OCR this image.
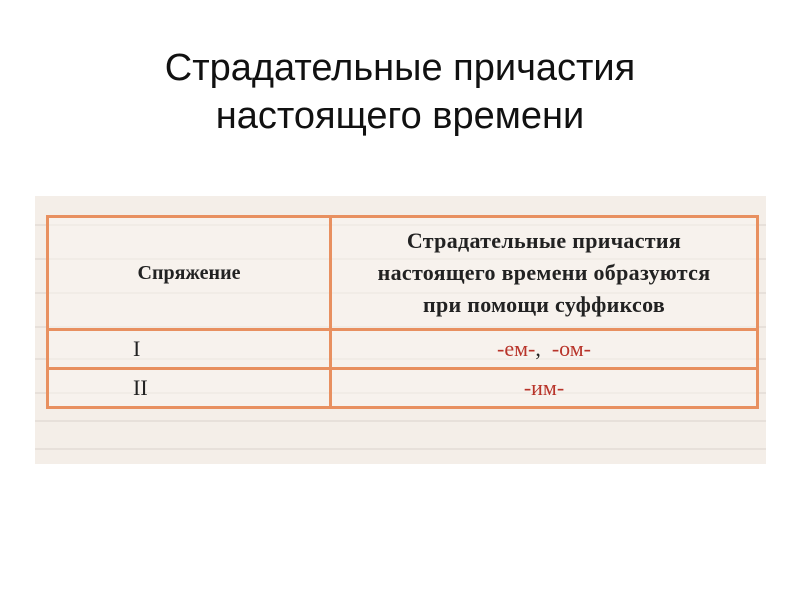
Страдательные причастия
настоящего времени
Спряжение	Страдательные причастия
настоящего времени образуются
при помощи суффиксов

I	-ем-, -ом-
II	-им-
